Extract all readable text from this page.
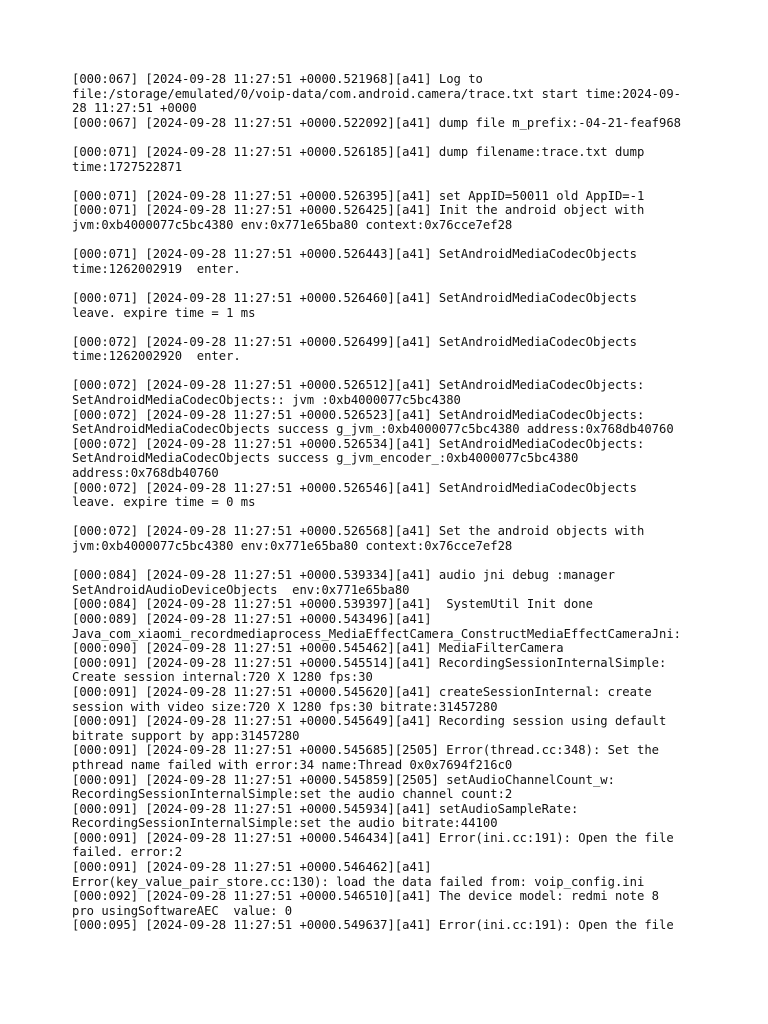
[000:067] [2024-09-28 11:27:51 +0000.521968][a41] Log to
file:/storage/emulated/0/voip-data/com.android.camera/trace.txt start time:2024-09-
28 11:27:51 +0000
[000:067] [2024-09-28 11:27:51 +0000.522092][a41] dump file m_prefix:-04-21-feaf968
[000:071] [2024-09-28 11:27:51 +0000.526185][a41] dump filename:trace.txt dump
time:1727522871
[000:071] [2024-09-28 11:27:51 +0000.526395][a41] set AppID=50011 old AppID=-1
[000:071] [2024-09-28 11:27:51 +0000.526425][a41] Init the android object with
jvm:0xb4000077c5bc4380 env:0x771e65ba80 context:0x76cce7ef28
[000:071] [2024-09-28 11:27:51 +0000.526443][a41] SetAndroidMediaCodecObjects
time:1262002919  enter.
[000:071] [2024-09-28 11:27:51 +0000.526460][a41] SetAndroidMediaCodecObjects
leave. expire time = 1 ms
[000:072] [2024-09-28 11:27:51 +0000.526499][a41] SetAndroidMediaCodecObjects
time:1262002920  enter.
[000:072] [2024-09-28 11:27:51 +0000.526512][a41] SetAndroidMediaCodecObjects:
SetAndroidMediaCodecObjects:: jvm :0xb4000077c5bc4380
[000:072] [2024-09-28 11:27:51 +0000.526523][a41] SetAndroidMediaCodecObjects:
SetAndroidMediaCodecObjects success g_jvm_:0xb4000077c5bc4380 address:0x768db40760
[000:072] [2024-09-28 11:27:51 +0000.526534][a41] SetAndroidMediaCodecObjects:
SetAndroidMediaCodecObjects success g_jvm_encoder_:0xb4000077c5bc4380
address:0x768db40760
[000:072] [2024-09-28 11:27:51 +0000.526546][a41] SetAndroidMediaCodecObjects
leave. expire time = 0 ms
[000:072] [2024-09-28 11:27:51 +0000.526568][a41] Set the android objects with
jvm:0xb4000077c5bc4380 env:0x771e65ba80 context:0x76cce7ef28
[000:084] [2024-09-28 11:27:51 +0000.539334][a41] audio jni debug :manager
SetAndroidAudioDeviceObjects  env:0x771e65ba80
[000:084] [2024-09-28 11:27:51 +0000.539397][a41]  SystemUtil Init done
[000:089] [2024-09-28 11:27:51 +0000.543496][a41]
Java_com_xiaomi_recordmediaprocess_MediaEffectCamera_ConstructMediaEffectCameraJni:
[000:090] [2024-09-28 11:27:51 +0000.545462][a41] MediaFilterCamera
[000:091] [2024-09-28 11:27:51 +0000.545514][a41] RecordingSessionInternalSimple:
Create session internal:720 X 1280 fps:30
[000:091] [2024-09-28 11:27:51 +0000.545620][a41] createSessionInternal: create
session with video size:720 X 1280 fps:30 bitrate:31457280
[000:091] [2024-09-28 11:27:51 +0000.545649][a41] Recording session using default
bitrate support by app:31457280
[000:091] [2024-09-28 11:27:51 +0000.545685][2505] Error(thread.cc:348): Set the
pthread name failed with error:34 name:Thread 0x0x7694f216c0
[000:091] [2024-09-28 11:27:51 +0000.545859][2505] setAudioChannelCount_w:
RecordingSessionInternalSimple:set the audio channel count:2
[000:091] [2024-09-28 11:27:51 +0000.545934][a41] setAudioSampleRate:
RecordingSessionInternalSimple:set the audio bitrate:44100
[000:091] [2024-09-28 11:27:51 +0000.546434][a41] Error(ini.cc:191): Open the file
failed. error:2
[000:091] [2024-09-28 11:27:51 +0000.546462][a41]
Error(key_value_pair_store.cc:130): load the data failed from: voip_config.ini
[000:092] [2024-09-28 11:27:51 +0000.546510][a41] The device model: redmi note 8
pro usingSoftwareAEC  value: 0
[000:095] [2024-09-28 11:27:51 +0000.549637][a41] Error(ini.cc:191): Open the file
